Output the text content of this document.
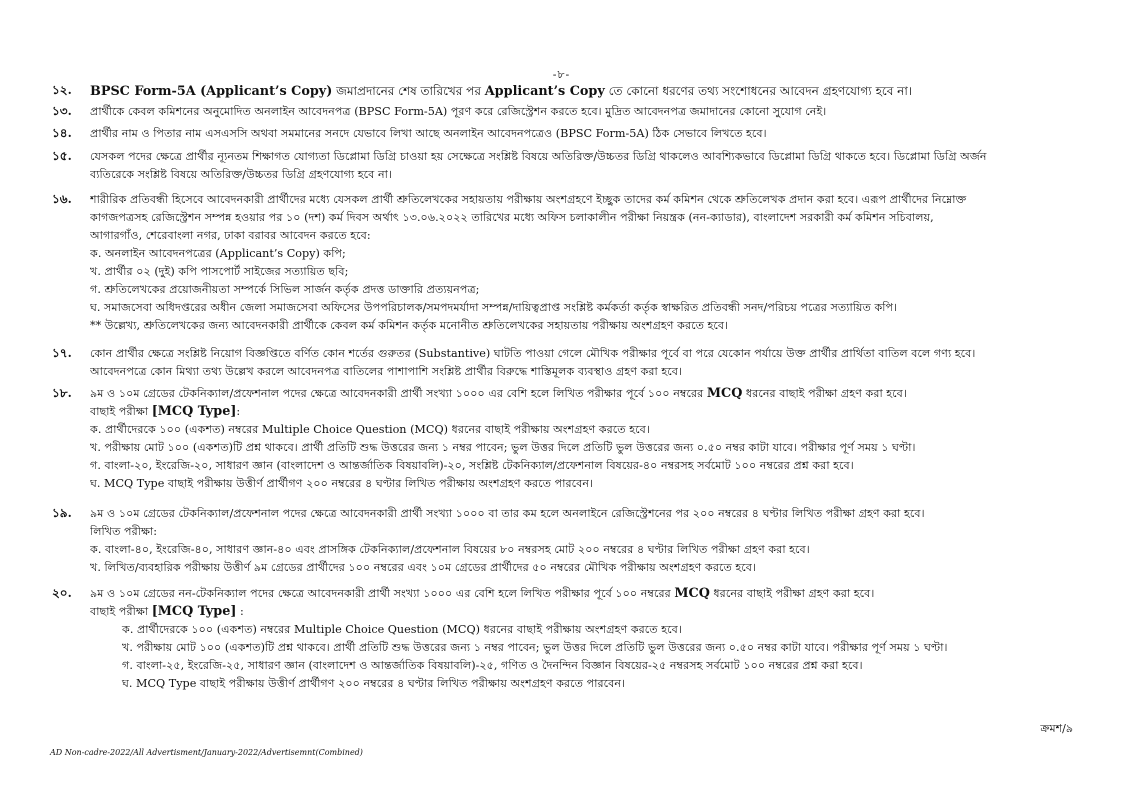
-৮-
১২.	BPSC Form-5A (Applicant’s Copy) জমাপ্রদানের শেষ তারিখের পর Applicant’s Copy তে কোনো ধরণের তথ্য সংশোধনের আবেদন গ্রহণযোগ্য হবে না।
১৩.	প্রার্থীকে কেবল কমিশনের অনুমোদিত অনলাইন আবেদনপত্র (BPSC Form-5A) পূরণ করে রেজিস্ট্রেশন করতে হবে। মুদ্রিত আবেদনপত্র জমাদানের কোনো সুযোগ নেই।
১৪.	প্রার্থীর নাম ও পিতার নাম এসএসসি অথবা সমমানের সনদে যেভাবে লিখা আছে অনলাইন আবেদনপত্রেও (BPSC Form-5A) ঠিক সেভাবে লিখতে হবে।
১৫.	যেসকল পদের ক্ষেত্রে প্রার্থীর ন্যূনতম শিক্ষাগত যোগ্যতা ডিপ্লোমা ডিগ্রি চাওয়া হয় সেক্ষেত্রে সংশ্লিষ্ট বিষয়ে অতিরিক্ত/উচ্চতর ডিগ্রি থাকলেও আবশ্যিকভাবে ডিপ্লোমা ডিগ্রি থাকতে হবে। ডিপ্লোমা ডিগ্রি অর্জন
ব্যতিরেকে সংশ্লিষ্ট বিষয়ে অতিরিক্ত/উচ্চতর ডিগ্রি গ্রহণযোগ্য হবে না।
১৬.	শারীরিক প্রতিবন্ধী হিসেবে আবেদনকারী প্রার্থীদের মধ্যে যেসকল প্রার্থী শ্রুতিলেখকের সহায়তায় পরীক্ষায় অংশগ্রহণে ইচ্ছুক তাদের কর্ম কমিশন থেকে শ্রুতিলেখক প্রদান করা হবে। এরূপ প্রার্থীদের নিম্নোক্ত
কাগজপত্রসহ রেজিস্ট্রেশন সম্পন্ন হওয়ার পর ১০ (দশ) কর্ম দিবস অর্থাৎ ১৩.০৬.২০২২ তারিখের মধ্যে অফিস চলাকালীন পরীক্ষা নিয়ন্ত্রক (নন-ক্যাডার), বাংলাদেশ সরকারী কর্ম কমিশন সচিবালয়,
আগারগাঁও, শেরেবাংলা নগর, ঢাকা বরাবর আবেদন করতে হবে:
ক. অনলাইন আবেদনপত্রের (Applicant’s Copy) কপি;
খ. প্রার্থীর ০২ (দুই) কপি পাসপোর্ট সাইজের সত্যায়িত ছবি;
গ. শ্রুতিলেখকের প্রয়োজনীয়তা সম্পর্কে সিভিল সার্জন কর্তৃক প্রদত্ত ডাক্তারি প্রত্যয়নপত্র;
ঘ. সমাজসেবা অধিদপ্তরের অধীন জেলা সমাজসেবা অফিসের উপপরিচালক/সমপদমর্যাদা সম্পন্ন/দায়িত্বপ্রাপ্ত সংশ্লিষ্ট কর্মকর্তা কর্তৃক স্বাক্ষরিত প্রতিবন্ধী সনদ/পরিচয় পত্রের সত্যায়িত কপি।
** উল্লেখ্য, শ্রুতিলেখকের জন্য আবেদনকারী প্রার্থীকে কেবল কর্ম কমিশন কর্তৃক মনোনীত শ্রুতিলেখকের সহায়তায় পরীক্ষায় অংশগ্রহণ করতে হবে।
১৭.	কোন প্রার্থীর ক্ষেত্রে সংশ্লিষ্ট নিয়োগ বিজ্ঞপ্তিতে বর্ণিত কোন শর্তের গুরুতর (Substantive) ঘাটতি পাওয়া গেলে মৌখিক পরীক্ষার পূর্বে বা পরে যেকোন পর্যায়ে উক্ত প্রার্থীর প্রার্থিতা বাতিল বলে গণ্য হবে।
আবেদনপত্রে কোন মিথ্যা তথ্য উল্লেখ করলে আবেদনপত্র বাতিলের পাশাপাশি সংশ্লিষ্ট প্রার্থীর বিরুদ্ধে শাস্তিমূলক ব্যবস্থাও গ্রহণ করা হবে।
১৮.	৯ম ও ১০ম গ্রেডের টেকনিক্যাল/প্রফেশনাল পদের ক্ষেত্রে আবেদনকারী প্রার্থী সংখ্যা ১০০০ এর বেশি হলে লিখিত পরীক্ষার পূর্বে ১০০ নম্বরের MCQ ধরনের বাছাই পরীক্ষা গ্রহণ করা হবে।
বাছাই পরীক্ষা [MCQ Type]:
ক. প্রার্থীদেরকে ১০০ (একশত) নম্বরের Multiple Choice Question (MCQ) ধরনের বাছাই পরীক্ষায় অংশগ্রহণ করতে হবে।
খ. পরীক্ষায় মোট ১০০ (একশত)টি প্রশ্ন থাকবে। প্রার্থী প্রতিটি শুদ্ধ উত্তরের জন্য ১ নম্বর পাবেন; ভুল উত্তর দিলে প্রতিটি ভুল উত্তরের জন্য ০.৫০ নম্বর কাটা যাবে। পরীক্ষার পূর্ণ সময় ১ ঘণ্টা।
গ. বাংলা-২০, ইংরেজি-২০, সাধারণ জ্ঞান (বাংলাদেশ ও আন্তর্জাতিক বিষয়াবলি)-২০, সংশ্লিষ্ট টেকনিক্যাল/প্রফেশনাল বিষয়ের-৪০ নম্বরসহ সর্বমোট ১০০ নম্বরের প্রশ্ন করা হবে।
ঘ. MCQ Type বাছাই পরীক্ষায় উত্তীর্ণ প্রার্থীগণ ২০০ নম্বরের ৪ ঘণ্টার লিখিত পরীক্ষায় অংশগ্রহণ করতে পারবেন।
১৯.	৯ম ও ১০ম গ্রেডের টেকনিক্যাল/প্রফেশনাল পদের ক্ষেত্রে আবেদনকারী প্রার্থী সংখ্যা ১০০০ বা তার কম হলে অনলাইনে রেজিস্ট্রেশনের পর ২০০ নম্বরের ৪ ঘণ্টার লিখিত পরীক্ষা গ্রহণ করা হবে।
লিখিত পরীক্ষা:
ক. বাংলা-৪০, ইংরেজি-৪০, সাধারণ জ্ঞান-৪০ এবং প্রাসঙ্গিক টেকনিক্যাল/প্রফেশনাল বিষয়ের ৮০ নম্বরসহ মোট ২০০ নম্বরের ৪ ঘণ্টার লিখিত পরীক্ষা গ্রহণ করা হবে।
খ. লিখিত/ব্যবহারিক পরীক্ষায় উত্তীর্ণ ৯ম গ্রেডের প্রার্থীদের ১০০ নম্বরের এবং ১০ম গ্রেডের প্রার্থীদের ৫০ নম্বরের মৌখিক পরীক্ষায় অংশগ্রহণ করতে হবে।
২০.	৯ম ও ১০ম গ্রেডের নন-টেকনিক্যাল পদের ক্ষেত্রে আবেদনকারী প্রার্থী সংখ্যা ১০০০ এর বেশি হলে লিখিত পরীক্ষার পূর্বে ১০০ নম্বরের MCQ ধরনের বাছাই পরীক্ষা গ্রহণ করা হবে।
বাছাই পরীক্ষা [MCQ Type] :
ক. প্রার্থীদেরকে ১০০ (একশত) নম্বরের Multiple Choice Question (MCQ) ধরনের বাছাই পরীক্ষায় অংশগ্রহণ করতে হবে।
খ. পরীক্ষায় মোট ১০০ (একশত)টি প্রশ্ন থাকবে। প্রার্থী প্রতিটি শুদ্ধ উত্তরের জন্য ১ নম্বর পাবেন; ভুল উত্তর দিলে প্রতিটি ভুল উত্তরের জন্য ০.৫০ নম্বর কাটা যাবে। পরীক্ষার পূর্ণ সময় ১ ঘণ্টা।
গ. বাংলা-২৫, ইংরেজি-২৫, সাধারণ জ্ঞান (বাংলাদেশ ও আন্তর্জাতিক বিষয়াবলি)-২৫, গণিত ও দৈনন্দিন বিজ্ঞান বিষয়ের-২৫ নম্বরসহ সর্বমোট ১০০ নম্বরের প্রশ্ন করা হবে।
ঘ. MCQ Type বাছাই পরীক্ষায় উত্তীর্ণ প্রার্থীগণ ২০০ নম্বরের ৪ ঘণ্টার লিখিত পরীক্ষায় অংশগ্রহণ করতে পারবেন।
ক্রমশ/৯
AD Non-cadre-2022/All Advertisment/January-2022/Advertisemnt(Combined)
